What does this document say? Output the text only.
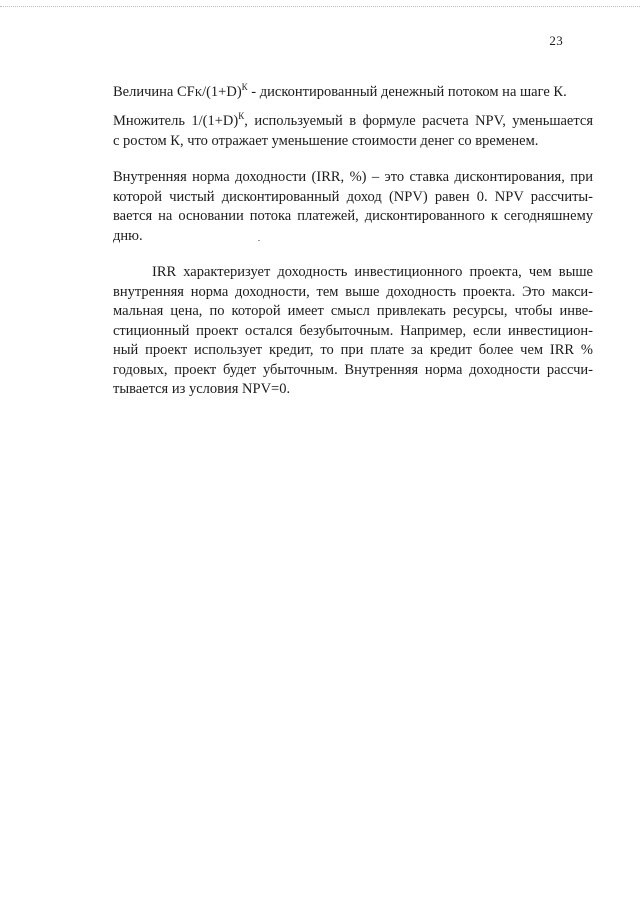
23

Величина CFК/$(1+D)^К$ - дисконтированный денежный потоком на шаге К.

Множитель $1/(1+D)^К$, используемый в формуле расчета NPV, уменьшается
с ростом К, что отражает уменьшение стоимости денег со временем.

Внутренняя норма доходности (IRR, %) – это ставка дисконтирования, при
которой чистый дисконтированный доход (NPV) равен 0. NPV рассчиты-
вается на основании потока платежей, дисконтированного к сегодняшнему
дню.

IRR характеризует доходность инвестиционного проекта, чем выше
внутренняя норма доходности, тем выше доходность проекта. Это макси-
мальная цена, по которой имеет смысл привлекать ресурсы, чтобы инве-
стиционный проект остался безубыточным. Например, если инвестицион-
ный проект использует кредит, то при плате за кредит более чем IRR %
годовых, проект будет убыточным. Внутренняя норма доходности рассчи-
тывается из условия NPV=0.
